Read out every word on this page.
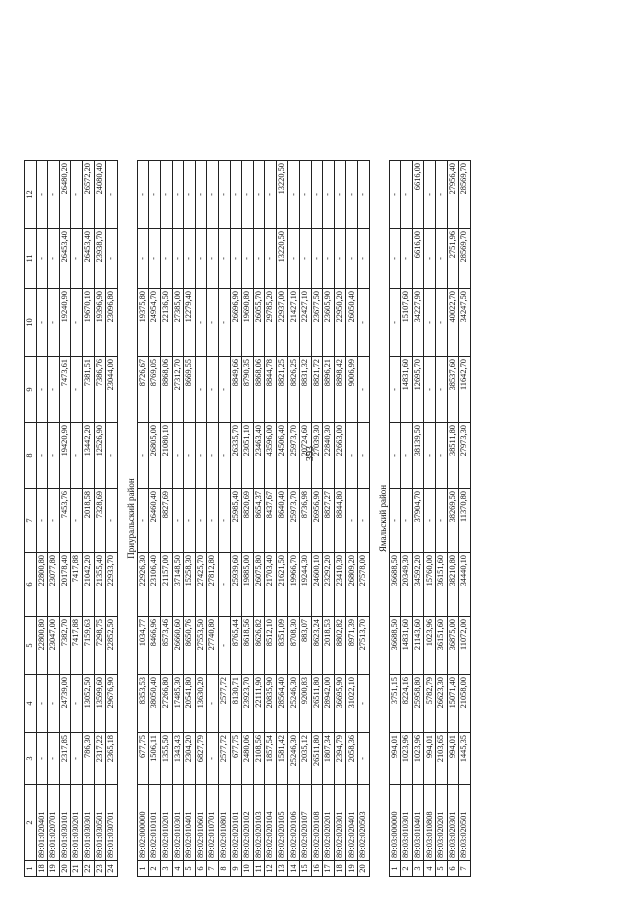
393
1	2	3	4	5	6	7	8	9	10	11	12
18	89:01:020401	-	-	22800,80	22800,80	-	-	-	-	-	-
19	89:01:020701	-	-	23047,00	23077,80	-	-	-	-	-	-
20	89:01:030101	2317,85	24739,00	7382,70	20178,40	7453,76	19420,90	7473,61	19240,90	26453,40	26480,20
21	89:01:030201	-	-	7417,88	7417,88	-	-	-	-	-	-
22	89:01:030301	786,30	13052,50	7159,63	21042,20	2018,58	13442,20	7381,51	19670,10	26453,40	26572,20
23	89:01:030501	2317,22	13599,60	7298,75	21355,40	7328,69	12526,90	7386,76	19396,90	23938,70	24080,40
24	89:01:030701	2365,18	29676,90	22852,50	22933,70	-	-	23044,00	23096,80	-	-

Приуральский район											
1	89:02:000000	677,75	8353,53	1034,77	22926,30	-	-	8726,67	19375,80	-	-
2	89:02:010101	1506,11	38050,40	8466,96	23106,40	26460,40	26805,00	8769,05	24954,70	-	-
3	89:02:010201	1355,50	27266,80	8573,46	21157,00	8827,69	21080,10	8868,06	22136,50	-	-
4	89:02:010301	1343,43	17485,30	26660,60	37148,50	-	-	27312,70	27385,00	-	-
5	89:02:010401	2304,20	20541,80	8650,76	15258,30	-	-	8669,55	12279,40	-	-
6	89:02:010601	6827,79	13630,20	27553,50	27425,70	-	-	-	-	-	-
7	89:02:010701	-	-	27740,80	27812,80	-	-	-	-	-	-
8	89:02:010801	2577,72	2577,72	-	-	-	-	-	-	-	-
9	89:02:020101	677,75	8130,71	8765,44	25939,60	25985,40	26335,70	8849,66	26696,90	-	-
10	89:02:020102	2480,06	23923,70	8618,56	19885,00	8820,69	23051,10	8790,35	19690,80	-	-
11	89:02:020103	2108,56	22111,90	8626,82	26075,80	8654,37	23463,40	8868,06	26055,70	-	-
12	89:02:020104	1857,54	20835,90	8512,10	21703,40	8437,67	43596,00	8844,78	29785,20	-	-
13	89:02:020105	1581,42	28564,40	8351,09	21621,50	8640,40	24506,40	8821,25	22937,00	13220,50	13220,50
14	89:02:020106	25246,30	25246,30	8708,30	19966,70	25973,70	25973,70	8826,25	21427,10	-	-
15	89:02:020107	2035,12	9200,83	883,07	19244,30	8736,98	20724,60	8831,32	22427,10	-	-
16	89:02:020108	26511,80	26511,80	8623,24	24600,10	26956,90	27039,30	8821,72	23677,50	-	-
17	89:02:020201	1807,34	28942,00	2018,53	23292,20	8827,27	22840,30	8896,21	23605,90	-	-
18	89:02:020301	2394,79	36695,90	8802,82	23410,30	8844,80	22663,00	8898,42	22950,20	-	-
19	89:02:020401	2058,36	31022,10	8971,39	26809,20	-	-	9006,99	26050,40	-	-
20	89:02:020503	-	-	27513,70	27578,00	-	-	-	-	-	-

Ямальский район											
1	89:03:000000	994,01	3751,15	36688,50	36688,50	-	-	-	-	-	-
2	89:03:010301	1023,96	8224,16	14831,60	20349,30	-	-	14831,60	15107,60	-	-
3	89:03:010401	1023,96	25958,80	21143,60	34592,20	37904,70	38139,50	12695,70	34227,90	6616,00	6616,00
4	89:03:010808	994,01	5782,79	1023,96	15760,00	-	-	-	-	-	-
5	89:03:020201	2103,65	26623,30	36151,60	36151,60	-	-	-	-	-	-
6	89:03:020301	994,01	15071,40	36875,00	38210,80	38269,50	38511,80	38537,60	40022,70	2751,96	27956,40
7	89:03:020501	1445,35	21058,00	11072,00	34440,10	11370,80	27973,30	11642,70	34247,50	28569,70	28569,70
